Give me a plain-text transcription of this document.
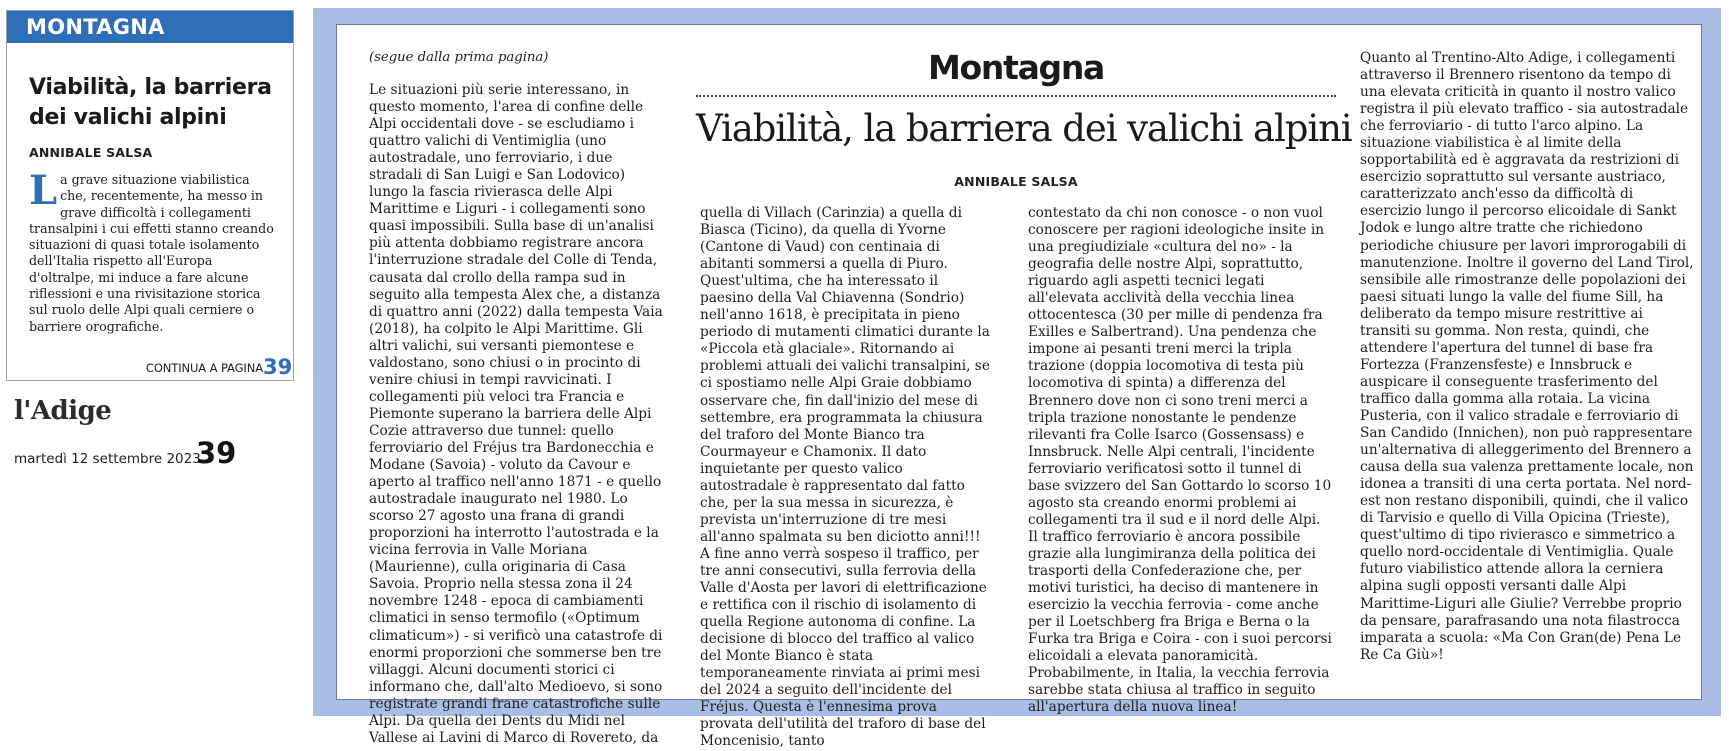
MONTAGNA
Viabilità, la barriera dei valichi alpini
ANNIBALE SALSA
La grave situazione viabilistica che, recentemente, ha messo in grave difficoltà i collegamenti transalpini i cui effetti stanno creando situazioni di quasi totale isolamento dell'Italia rispetto all'Europa d'oltralpe, mi induce a fare alcune riflessioni e una rivisitazione storica sul ruolo delle Alpi quali cerniere o barriere orografiche.
CONTINUA A PAGINA 39
l'Adige
martedì 12 settembre 2023
39
(segue dalla prima pagina)	Montagna
Viabilità, la barriera dei valichi alpini
ANNIBALE SALSA

Le situazioni più serie interessano, in questo momento, l'area di confine delle Alpi occidentali dove - se escludiamo i quattro valichi di Ventimiglia (uno autostradale, uno ferroviario, i due stradali di San Luigi e San Lodovico) lungo la fascia rivierasca delle Alpi Marittime e Liguri - i collegamenti sono quasi impossibili. Sulla base di un'analisi più attenta dobbiamo registrare ancora l'interruzione stradale del Colle di Tenda, causata dal crollo della rampa sud in seguito alla tempesta Alex che, a distanza di quattro anni (2022) dalla tempesta Vaia (2018), ha colpito le Alpi Marittime. Gli altri valichi, sui versanti piemontese e valdostano, sono chiusi o in procinto di venire chiusi in tempi ravvicinati. I collegamenti più veloci tra Francia e Piemonte superano la barriera delle Alpi Cozie attraverso due tunnel: quello ferroviario del Fréjus tra Bardonecchia e Modane (Savoia) - voluto da Cavour e aperto al traffico nell'anno 1871 - e quello autostradale inaugurato nel 1980. Lo scorso 27 agosto una frana di grandi proporzioni ha interrotto l'autostrada e la vicina ferrovia in Valle Moriana (Maurienne), culla originaria di Casa Savoia. Proprio nella stessa zona il 24 novembre 1248 - epoca di cambiamenti climatici in senso termofilo («Optimum climaticum») - si verificò una catastrofe di enormi proporzioni che sommerse ben tre villaggi. Alcuni documenti storici ci informano che, dall'alto Medioevo, si sono registrate grandi frane catastrofiche sulle Alpi. Da quella dei Dents du Midi nel Vallese ai Lavini di Marco di Rovereto, da

quella di Villach (Carinzia) a quella di Biasca (Ticino), da quella di Yvorne (Cantone di Vaud) con centinaia di abitanti sommersi a quella di Piuro. Quest'ultima, che ha interessato il paesino della Val Chiavenna (Sondrio) nell'anno 1618, è precipitata in pieno periodo di mutamenti climatici durante la «Piccola età glaciale». Ritornando ai problemi attuali dei valichi transalpini, se ci spostiamo nelle Alpi Graie dobbiamo osservare che, fin dall'inizio del mese di settembre, era programmata la chiusura del traforo del Monte Bianco tra Courmayeur e Chamonix. Il dato inquietante per questo valico autostradale è rappresentato dal fatto che, per la sua messa in sicurezza, è prevista un'interruzione di tre mesi all'anno spalmata su ben diciotto anni!!! A fine anno verrà sospeso il traffico, per tre anni consecutivi, sulla ferrovia della Valle d'Aosta per lavori di elettrificazione e rettifica con il rischio di isolamento di quella Regione autonoma di confine. La decisione di blocco del traffico al valico del Monte Bianco è stata temporaneamente rinviata ai primi mesi del 2024 a seguito dell'incidente del Fréjus. Questa è l'ennesima prova provata dell'utilità del traforo di base del Moncenisio, tanto

contestato da chi non conosce - o non vuol conoscere per ragioni ideologiche insite in una pregiudiziale «cultura del no» - la geografia delle nostre Alpi, soprattutto, riguardo agli aspetti tecnici legati all'elevata acclività della vecchia linea ottocentesca (30 per mille di pendenza fra Exilles e Salbertrand). Una pendenza che impone ai pesanti treni merci la tripla trazione (doppia locomotiva di testa più locomotiva di spinta) a differenza del Brennero dove non ci sono treni merci a tripla trazione nonostante le pendenze rilevanti fra Colle Isarco (Gossensass) e Innsbruck. Nelle Alpi centrali, l'incidente ferroviario verificatosi sotto il tunnel di base svizzero del San Gottardo lo scorso 10 agosto sta creando enormi problemi ai collegamenti tra il sud e il nord delle Alpi. Il traffico ferroviario è ancora possibile grazie alla lungimiranza della politica dei trasporti della Confederazione che, per motivi turistici, ha deciso di mantenere in esercizio la vecchia ferrovia - come anche per il Loetschberg fra Briga e Berna o la Furka tra Briga e Coira - con i suoi percorsi elicoidali a elevata panoramicità. Probabilmente, in Italia, la vecchia ferrovia sarebbe stata chiusa al traffico in seguito all'apertura della nuova linea!

Quanto al Trentino-Alto Adige, i collegamenti attraverso il Brennero risentono da tempo di una elevata criticità in quanto il nostro valico registra il più elevato traffico - sia autostradale che ferroviario - di tutto l'arco alpino. La situazione viabilistica è al limite della sopportabilità ed è aggravata da restrizioni di esercizio soprattutto sul versante austriaco, caratterizzato anch'esso da difficoltà di esercizio lungo il percorso elicoidale di Sankt Jodok e lungo altre tratte che richiedono periodiche chiusure per lavori improrogabili di manutenzione. Inoltre il governo del Land Tirol, sensibile alle rimostranze delle popolazioni dei paesi situati lungo la valle del fiume Sill, ha deliberato da tempo misure restrittive ai transiti su gomma. Non resta, quindi, che attendere l'apertura del tunnel di base fra Fortezza (Franzensfeste) e Innsbruck e auspicare il conseguente trasferimento del traffico dalla gomma alla rotaia. La vicina Pusteria, con il valico stradale e ferroviario di San Candido (Innichen), non può rappresentare un'alternativa di alleggerimento del Brennero a causa della sua valenza prettamente locale, non idonea a transiti di una certa portata. Nel nord-est non restano disponibili, quindi, che il valico di Tarvisio e quello di Villa Opicina (Trieste), quest'ultimo di tipo rivierasco e simmetrico a quello nord-occidentale di Ventimiglia. Quale futuro viabilistico attende allora la cerniera alpina sugli opposti versanti dalle Alpi Marittime-Liguri alle Giulie? Verrebbe proprio da pensare, parafrasando una nota filastrocca imparata a scuola: «Ma Con Gran(de) Pena Le Re Ca Giù»!
